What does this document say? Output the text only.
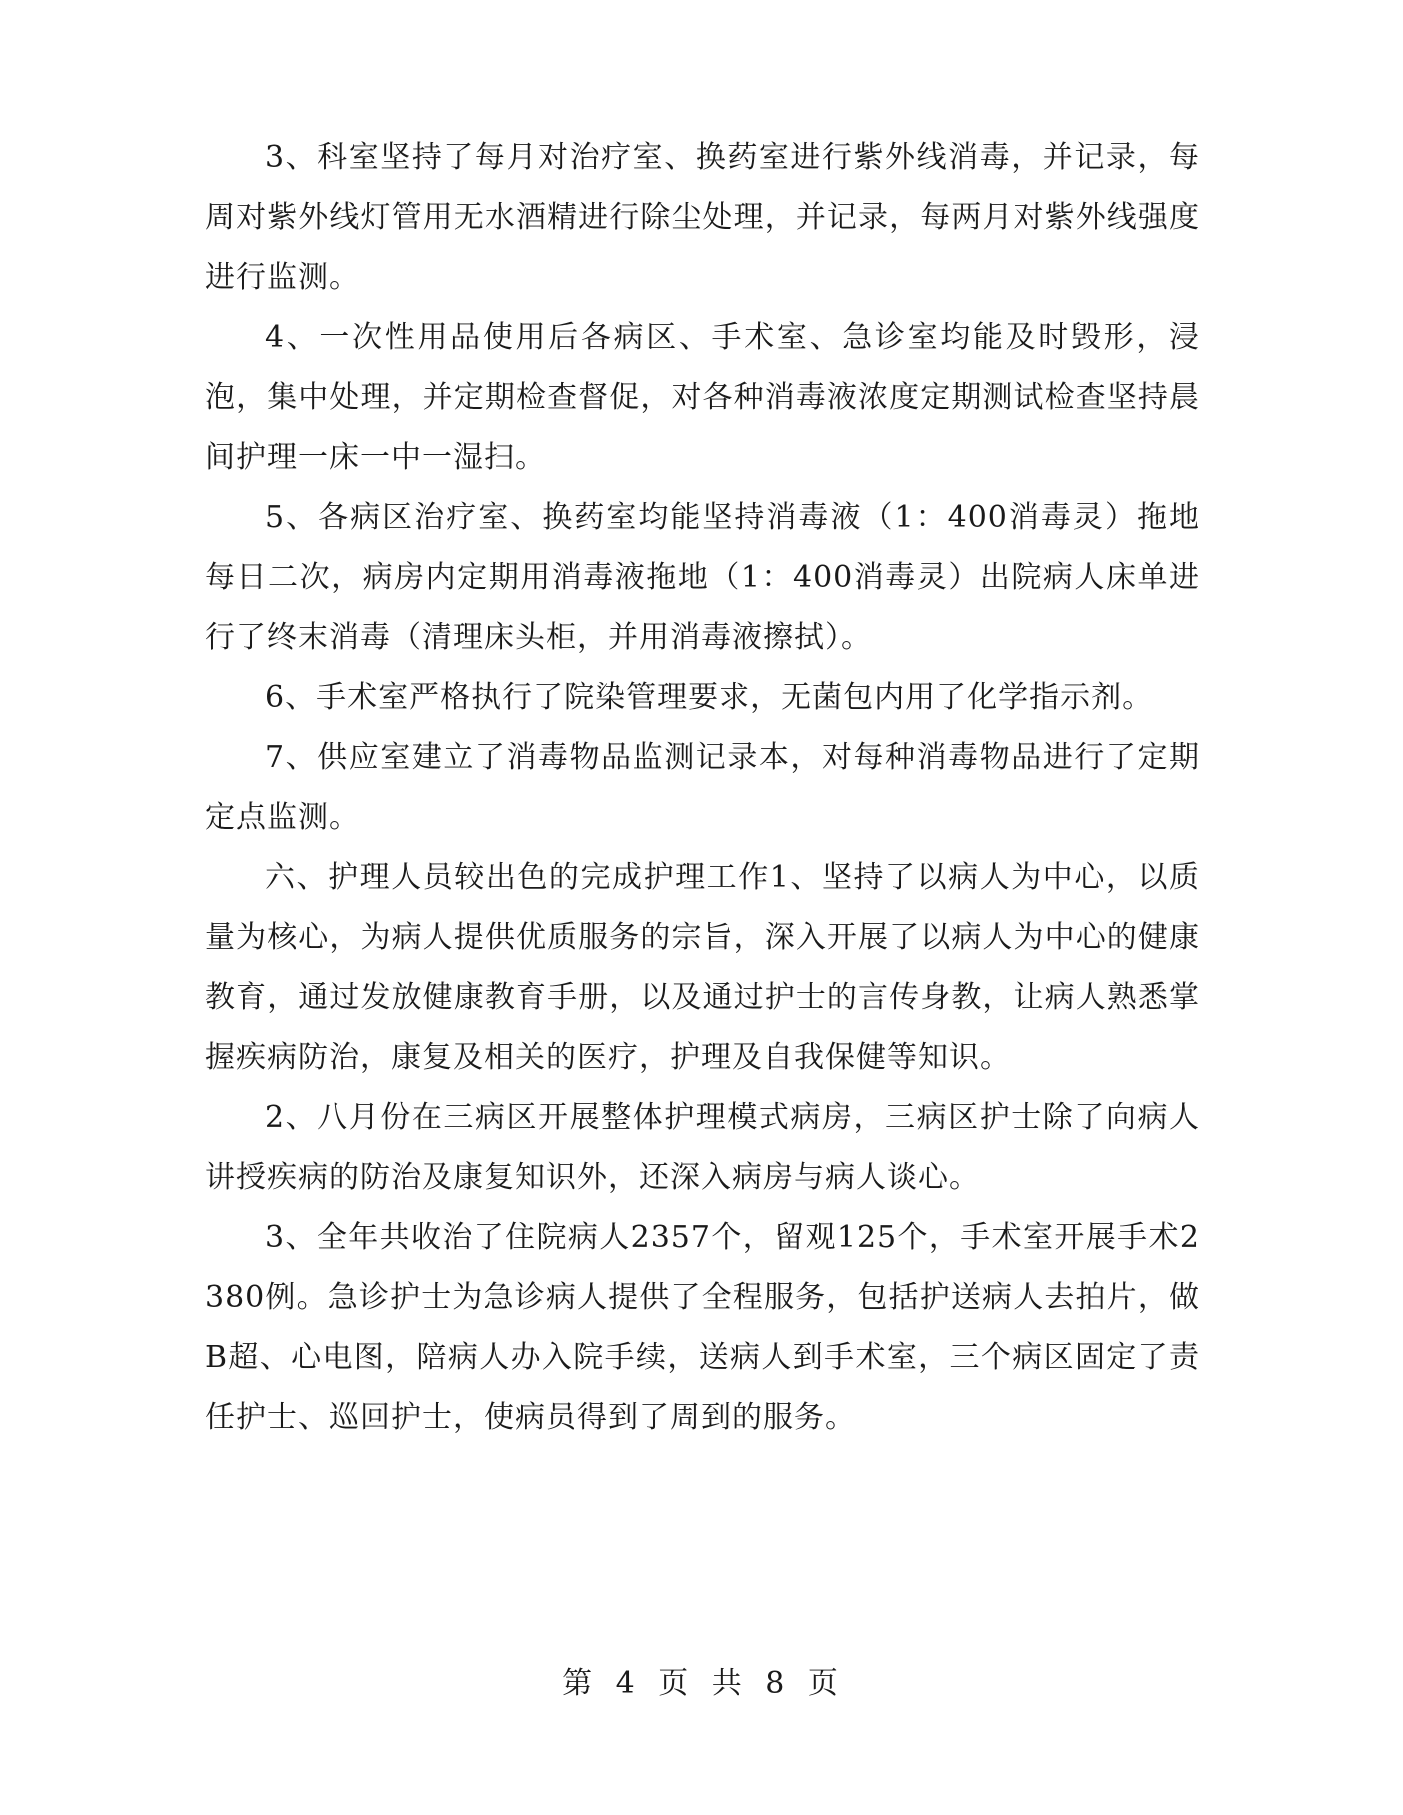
3、科室坚持了每月对治疗室、换药室进行紫外线消毒，并记录，每周对紫外线灯管用无水酒精进行除尘处理，并记录，每两月对紫外线强度进行监测。

4、一次性用品使用后各病区、手术室、急诊室均能及时毁形，浸泡，集中处理，并定期检查督促，对各种消毒液浓度定期测试检查坚持晨间护理一床一中一湿扫。

5、各病区治疗室、换药室均能坚持消毒液（1：400消毒灵）拖地每日二次，病房内定期用消毒液拖地（1：400消毒灵）出院病人床单进行了终末消毒（清理床头柜，并用消毒液擦拭）。

6、手术室严格执行了院染管理要求，无菌包内用了化学指示剂。

7、供应室建立了消毒物品监测记录本，对每种消毒物品进行了定期定点监测。

六、护理人员较出色的完成护理工作1、坚持了以病人为中心，以质量为核心，为病人提供优质服务的宗旨，深入开展了以病人为中心的健康教育，通过发放健康教育手册，以及通过护士的言传身教，让病人熟悉掌握疾病防治，康复及相关的医疗，护理及自我保健等知识。

2、八月份在三病区开展整体护理模式病房，三病区护士除了向病人讲授疾病的防治及康复知识外，还深入病房与病人谈心。

3、全年共收治了住院病人2357个，留观125个，手术室开展手术2380例。急诊护士为急诊病人提供了全程服务，包括护送病人去拍片，做B超、心电图，陪病人办入院手续，送病人到手术室，三个病区固定了责任护士、巡回护士，使病员得到了周到的服务。

第 4 页 共 8 页
